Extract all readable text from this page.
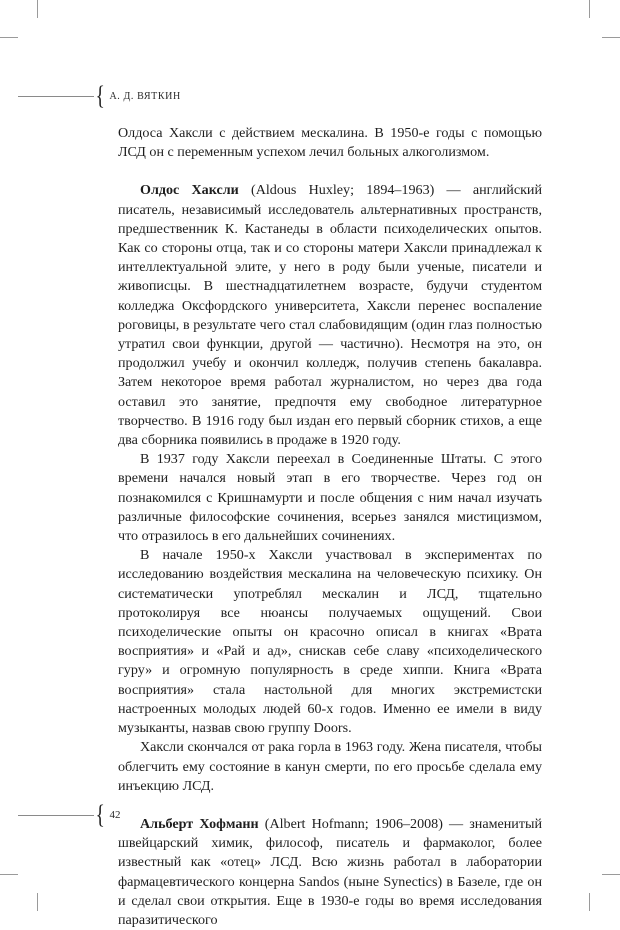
{ А. Д. ВЯТКИН

Олдоса Хаксли с действием мескалина. В 1950-е годы с помощью ЛСД он с переменным успехом лечил больных алкоголизмом.

Олдос Хаксли (Aldous Huxley; 1894–1963) — английский писатель, независимый исследователь альтернативных пространств, предшественник К. Кастанеды в области психоделических опытов. Как со стороны отца, так и со стороны матери Хаксли принадлежал к интеллектуальной элите, у него в роду были ученые, писатели и живописцы. В шестнадцатилетнем возрасте, будучи студентом колледжа Оксфордского университета, Хаксли перенес воспаление роговицы, в результате чего стал слабовидящим (один глаз полностью утратил свои функции, другой — частично). Несмотря на это, он продолжил учебу и окончил колледж, получив степень бакалавра. Затем некоторое время работал журналистом, но через два года оставил это занятие, предпочтя ему свободное литературное творчество. В 1916 году был издан его первый сборник стихов, а еще два сборника появились в продаже в 1920 году.

В 1937 году Хаксли переехал в Соединенные Штаты. С этого времени начался новый этап в его творчестве. Через год он познакомился с Кришнамурти и после общения с ним начал изучать различные философские сочинения, всерьез занялся мистицизмом, что отразилось в его дальнейших сочинениях.

В начале 1950-х Хаксли участвовал в экспериментах по исследованию воздействия мескалина на человеческую психику. Он систематически употреблял мескалин и ЛСД, тщательно протоколируя все нюансы получаемых ощущений. Свои психоделические опыты он красочно описал в книгах «Врата восприятия» и «Рай и ад», снискав себе славу «психоделического гуру» и огромную популярность в среде хиппи. Книга «Врата восприятия» стала настольной для многих экстремистски настроенных молодых людей 60-х годов. Именно ее имели в виду музыканты, назвав свою группу Doors.

Хаксли скончался от рака горла в 1963 году. Жена писателя, чтобы облегчить ему состояние в канун смерти, по его просьбе сделала ему инъекцию ЛСД.

Альберт Хофманн (Albert Hofmann; 1906–2008) — знаменитый швейцарский химик, философ, писатель и фармаколог, более известный как «отец» ЛСД. Всю жизнь работал в лаборатории фармацевтического концерна Sandos (ныне Synectics) в Базеле, где он и сделал свои открытия. Еще в 1930-е годы во время исследования паразитического

{ 42
